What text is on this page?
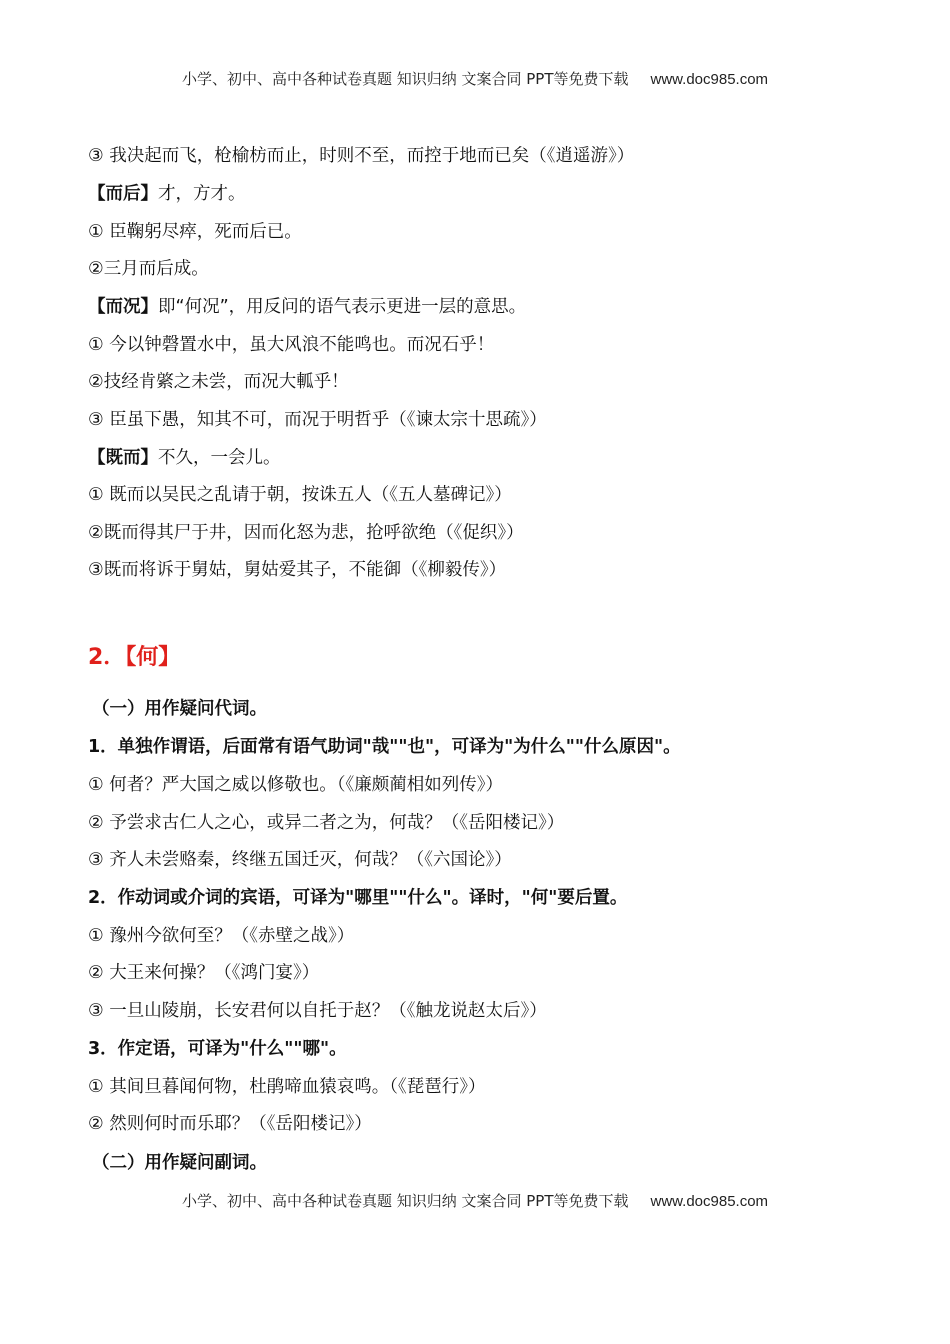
小学、初中、高中各种试卷真题 知识归纳 文案合同 PPT等免费下载 www.doc985.com
③ 我决起而飞，枪榆枋而止，时则不至，而控于地而已矣（《逍遥游》）
【而后】才，方才。
① 臣鞠躬尽瘁，死而后已。
②三月而后成。
【而况】即“何况”，用反问的语气表示更进一层的意思。
① 今以钟磬置水中，虽大风浪不能鸣也。而况石乎！
②技经肯綮之未尝，而况大軱乎！
③ 臣虽下愚，知其不可，而况于明哲乎（《谏太宗十思疏》）
【既而】不久，一会儿。
① 既而以吴民之乱请于朝，按诛五人（《五人墓碑记》）
②既而得其尸于井，因而化怒为悲，抢呼欲绝（《促织》）
③既而将诉于舅姑，舅姑爱其子，不能御（《柳毅传》）
2．【何】
（一）用作疑问代词。
1．单独作谓语，后面常有语气助词"哉""也"，可译为"为什么""什么原因"。
① 何者？严大国之威以修敬也。（《廉颇蔺相如列传》）
② 予尝求古仁人之心，或异二者之为，何哉？（《岳阳楼记》）
③ 齐人未尝赂秦，终继五国迁灭，何哉？（《六国论》）
2．作动词或介词的宾语，可译为"哪里""什么"。译时，"何"要后置。
① 豫州今欲何至？（《赤壁之战》）
② 大王来何操？（《鸿门宴》）
③ 一旦山陵崩，长安君何以自托于赵？（《触龙说赵太后》）
3．作定语，可译为"什么""哪"。
① 其间旦暮闻何物，杜鹃啼血猿哀鸣。（《琵琶行》）
② 然则何时而乐耶？（《岳阳楼记》）
（二）用作疑问副词。
小学、初中、高中各种试卷真题 知识归纳 文案合同 PPT等免费下载 www.doc985.com
